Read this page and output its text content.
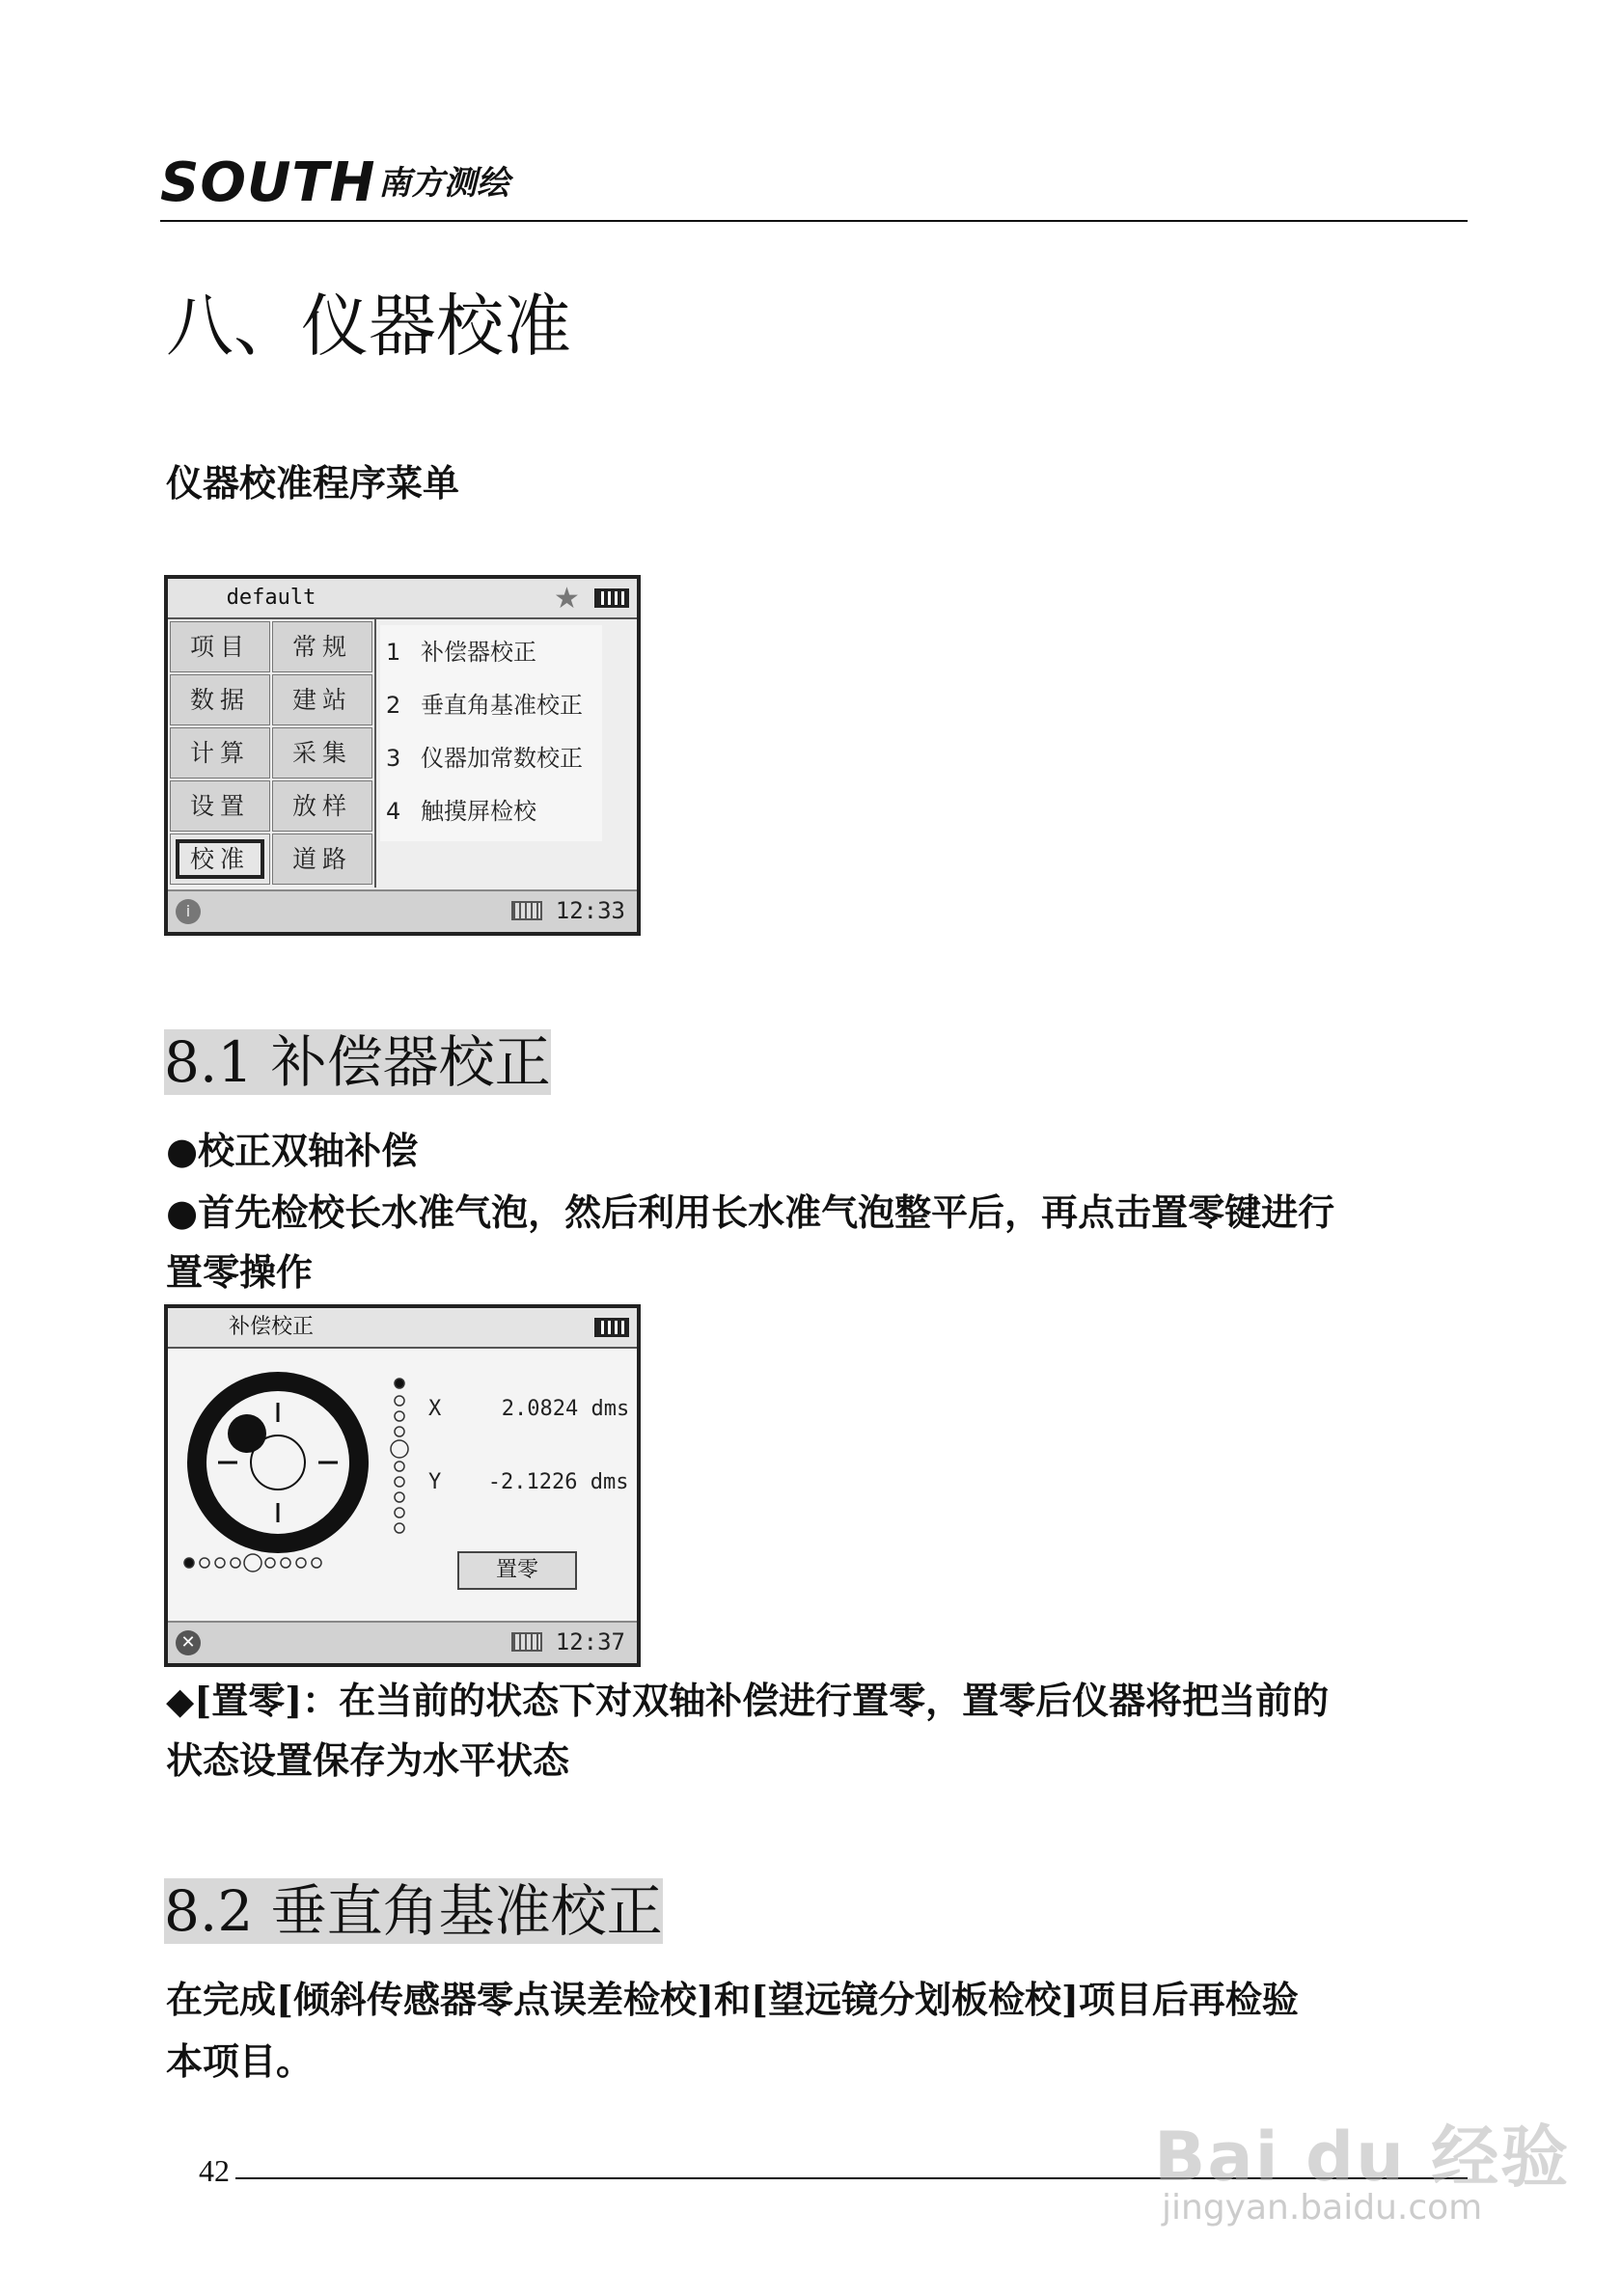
SOUTH 南方测绘
八、仪器校准
仪器校准程序菜单
default	★
项目	常规
数据	建站
计算	采集
设置	放样
校准	道路
1 补偿器校正
2 垂直角基准校正
3 仪器加常数校正
4 触摸屏检校
i	12:33
8.1 补偿器校正
●校正双轴补偿
●首先检校长水准气泡，然后利用长水准气泡整平后，再点击置零键进行
置零操作
补偿校正
X	2.0824 dms
Y -2.1226 dms
置零
✕	12:37
◆[置零]：在当前的状态下对双轴补偿进行置零，置零后仪器将把当前的
状态设置保存为水平状态
8.2 垂直角基准校正
在完成[倾斜传感器零点误差检校]和[望远镜分划板检校]项目后再检验
本项目。
42	Bai du 经验
jingyan.baidu.com
